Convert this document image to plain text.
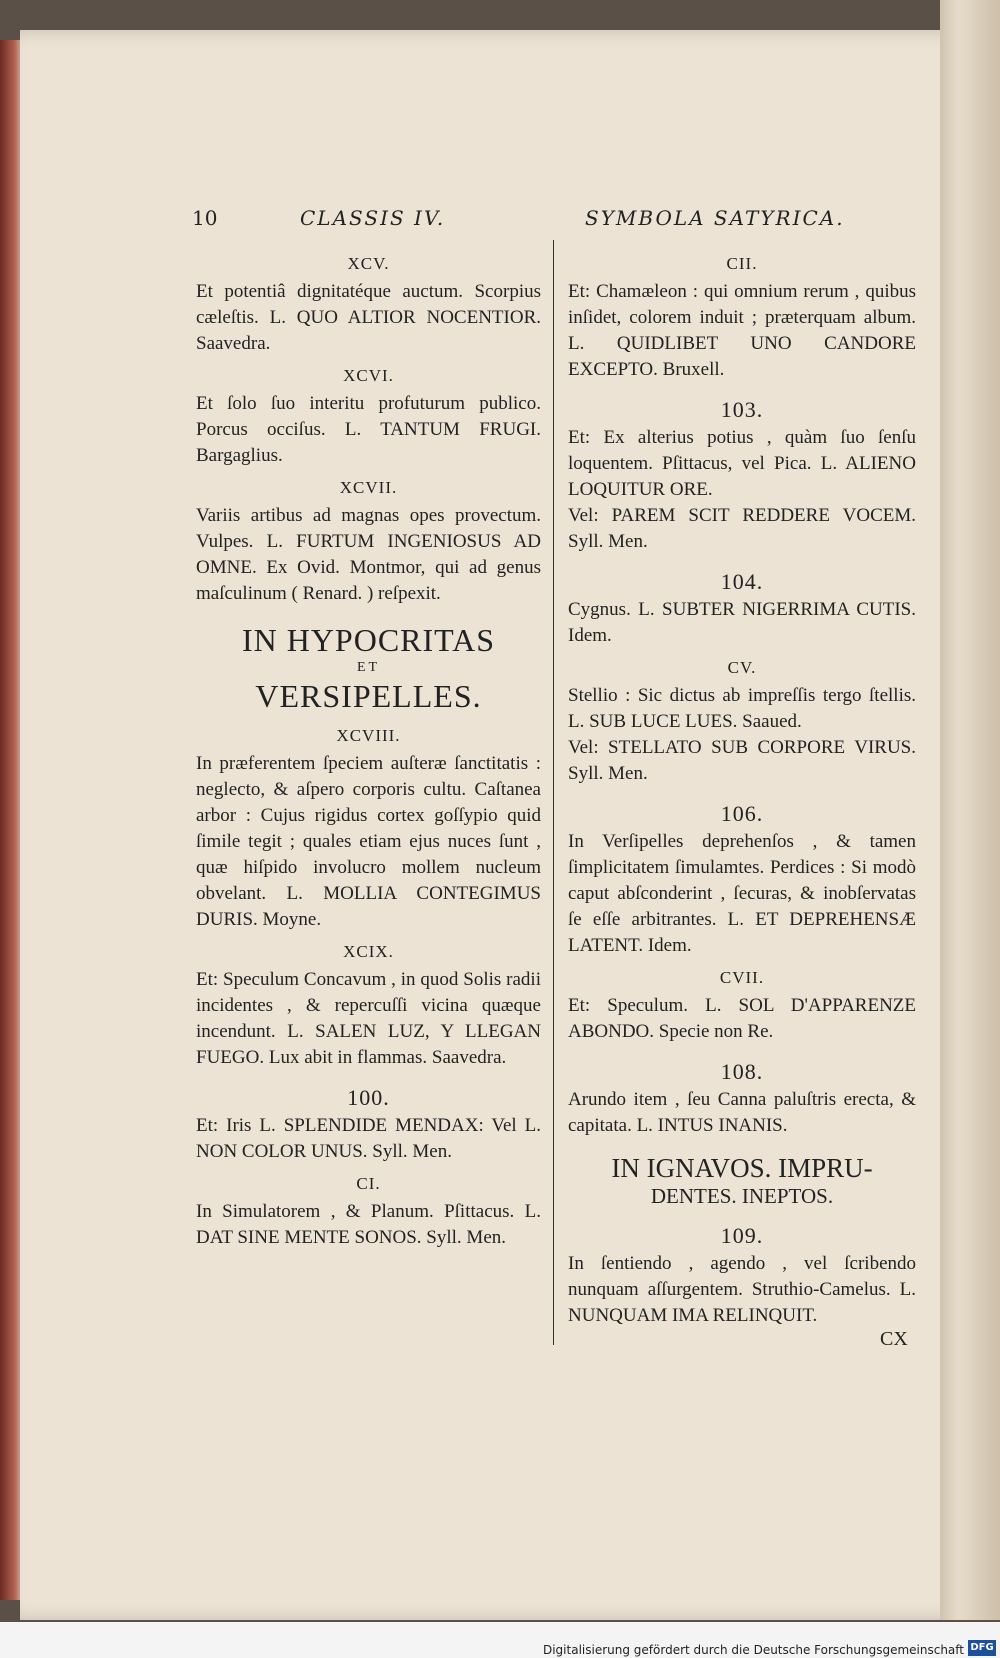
10	CLASSIS IV.	SYMBOLA SATYRICA.
XCV.
Et potentiâ dignitatéque auctum. Scorpius cæleſtis. L. QUO ALTIOR NOCENTIOR. Saavedra.
XCVI.
Et ſolo ſuo interitu profuturum publico. Porcus occiſus. L. TANTUM FRUGI. Bargaglius.
XCVII.
Variis artibus ad magnas opes provectum. Vulpes. L. FURTUM INGENIOSUS AD OMNE. Ex Ovid. Montmor, qui ad genus maſculinum ( Renard. ) reſpexit.
IN HYPOCRITAS
ET
VERSIPELLES.
XCVIII.
In præferentem ſpeciem auſteræ ſanctitatis : neglecto, & aſpero corporis cultu. Caſtanea arbor : Cujus rigidus cortex goſſypio quid ſimile tegit ; quales etiam ejus nuces ſunt , quæ hiſpido involucro mollem nucleum obvelant. L. MOLLIA CONTEGIMUS DURIS. Moyne.
XCIX.
Et: Speculum Concavum , in quod Solis radii incidentes , & repercuſſi vicina quæque incendunt. L. SALEN LUZ, Y LLEGAN FUEGO. Lux abit in flammas. Saavedra.
100.
Et: Iris L. SPLENDIDE MENDAX: Vel L. NON COLOR UNUS. Syll. Men.
CI.
In Simulatorem , & Planum. Pſittacus. L. DAT SINE MENTE SONOS. Syll. Men.
CII.
Et: Chamæleon : qui omnium rerum , quibus inſidet, colorem induit ; præterquam album. L. QUIDLIBET UNO CANDORE EXCEPTO. Bruxell.
103.
Et: Ex alterius potius , quàm ſuo ſenſu loquentem. Pſittacus, vel Pica. L. ALIENO LOQUITUR ORE.
Vel: PAREM SCIT REDDERE VOCEM. Syll. Men.
104.
Cygnus. L. SUBTER NIGERRIMA CUTIS. Idem.
CV.
Stellio : Sic dictus ab impreſſis tergo ſtellis. L. SUB LUCE LUES. Saaued.
Vel: STELLATO SUB CORPORE VIRUS. Syll. Men.
106.
In Verſipelles deprehenſos , & tamen ſimplicitatem ſimulamtes. Perdices : Si modò caput abſconderint , ſecuras, & inobſervatas ſe eſſe arbitrantes. L. ET DEPREHENSÆ LATENT. Idem.
CVII.
Et: Speculum. L. SOL D'APPARENZE ABONDO. Specie non Re.
108.
Arundo item , ſeu Canna paluſtris erecta, & capitata. L. INTUS INANIS.
IN IGNAVOS. IMPRU-
DENTES. INEPTOS.
109.
In ſentiendo , agendo , vel ſcribendo nunquam aſſurgentem. Struthio-Camelus. L. NUNQUAM IMA RELINQUIT.
CX
Digitalisierung gefördert durch die Deutsche Forschungsgemeinschaft DFG
